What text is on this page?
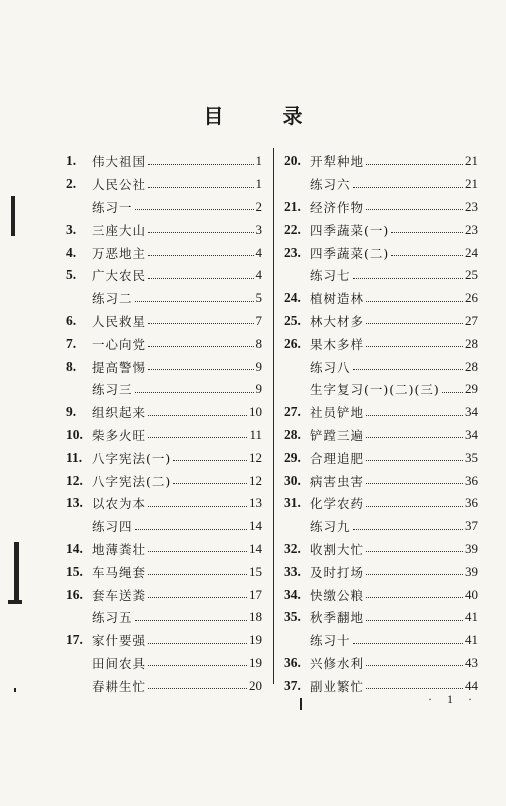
目 录
1.	伟大祖国	1
2.	人民公社	1
练习一	2
3.	三座大山	3
4.	万恶地主	4
5.	广大农民	4
练习二	5
6.	人民救星	7
7.	一心向党	8
8.	提高警惕	9
练习三	9
9.	组织起来	10
10. 柴多火旺	11
11. 八字宪法(一)	12
12. 八字宪法(二)	12
13. 以农为本	13
练习四	14
14. 地薄粪壮	14
15. 车马绳套	15
16. 套车送粪	17
练习五	18
17. 家什要强	19
田间农具	19
春耕生忙	20
20. 开犁种地	21
练习六	21
21. 经济作物	23
22. 四季蔬菜(一)	23
23. 四季蔬菜(二)	24
练习七	25
24. 植树造林	26
25. 林大材多	27
26. 果木多样	28
练习八	28
生字复习(一)(二)(三) 29
27. 社员铲地	34
28. 铲蹚三遍	34
29. 合理追肥	35
30. 病害虫害	36
31. 化学农药	36
练习九	37
32. 收割大忙	39
33. 及时打场	39
34. 快缴公粮	40
35. 秋季翻地	41
练习十	41
36. 兴修水利	43
37. 副业繁忙	44
· 1 ·
